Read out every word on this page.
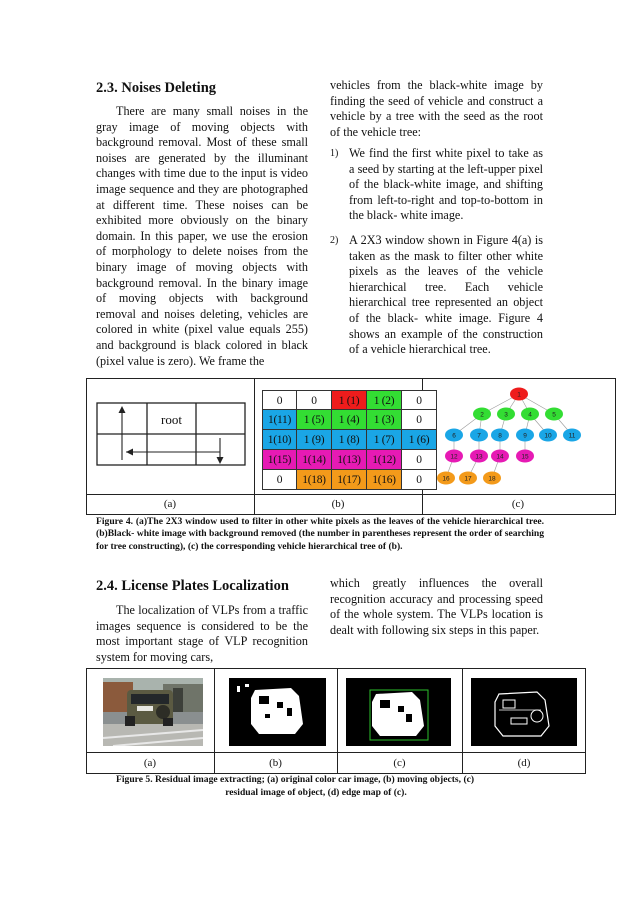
2.3. Noises Deleting

There are many small noises in the gray image of moving objects with background removal. Most of these small noises are generated by the illuminant changes with time due to the input is video image sequence and they are photographed at different time. These noises can be exhibited more obviously on the binary domain. In this paper, we use the erosion of morphology to delete noises from the binary image of moving objects with background removal. In the binary image of moving objects with background removal and noises deleting, vehicles are colored in white (pixel value equals 255) and background is black colored in black (pixel value is zero). We frame the

vehicles from the black-white image by finding the seed of vehicle and construct a vehicle by a tree with the seed as the root of the vehicle tree:

1) We find the first white pixel to take as a seed by starting at the left-upper pixel of the black-white image, and shifting from left-to-right and top-to-bottom in the black- white image.
2) A 2X3 window shown in Figure 4(a) is taken as the mask to filter other white pixels as the leaves of the vehicle hierarchical tree. Each vehicle hierarchical tree represented an object of the black- white image. Figure 4 shows an example of the construction of a vehicle hierarchical tree.
root
0	0	1 (1)	1 (2)	0
1(11)	1 (5)	1 (4)	1 (3)	0
1(10)	1 (9)	1 (8)	1 (7)	1 (6)
1(15) 1(14)	1(13)	1(12)	0
0	1(18)	1(17)	1(16)	0
1
2	3	4	5
6	7	8	9	10	11
12	13 14	15
16 17	18
(a)	(b)	(c)
Figure 4. (a)The 2X3 window used to filter in other white pixels as the leaves of the vehicle hierarchical tree.(b)Black- white image with background removed (the number in parentheses represent the order of searching for tree constructing), (c) the corresponding vehicle hierarchical tree of (b).
2.4. License Plates Localization

The localization of VLPs from a traffic images sequence is considered to be the most important stage of VLP recognition system for moving cars,

which greatly influences the overall recognition accuracy and processing speed of the whole system. The VLPs location is dealt with following six steps in this paper.

(a)	(b)	(c)	(d)
Figure 5. Residual image extracting; (a) original color car image, (b) moving objects, (c)
residual image of object, (d) edge map of (c).
